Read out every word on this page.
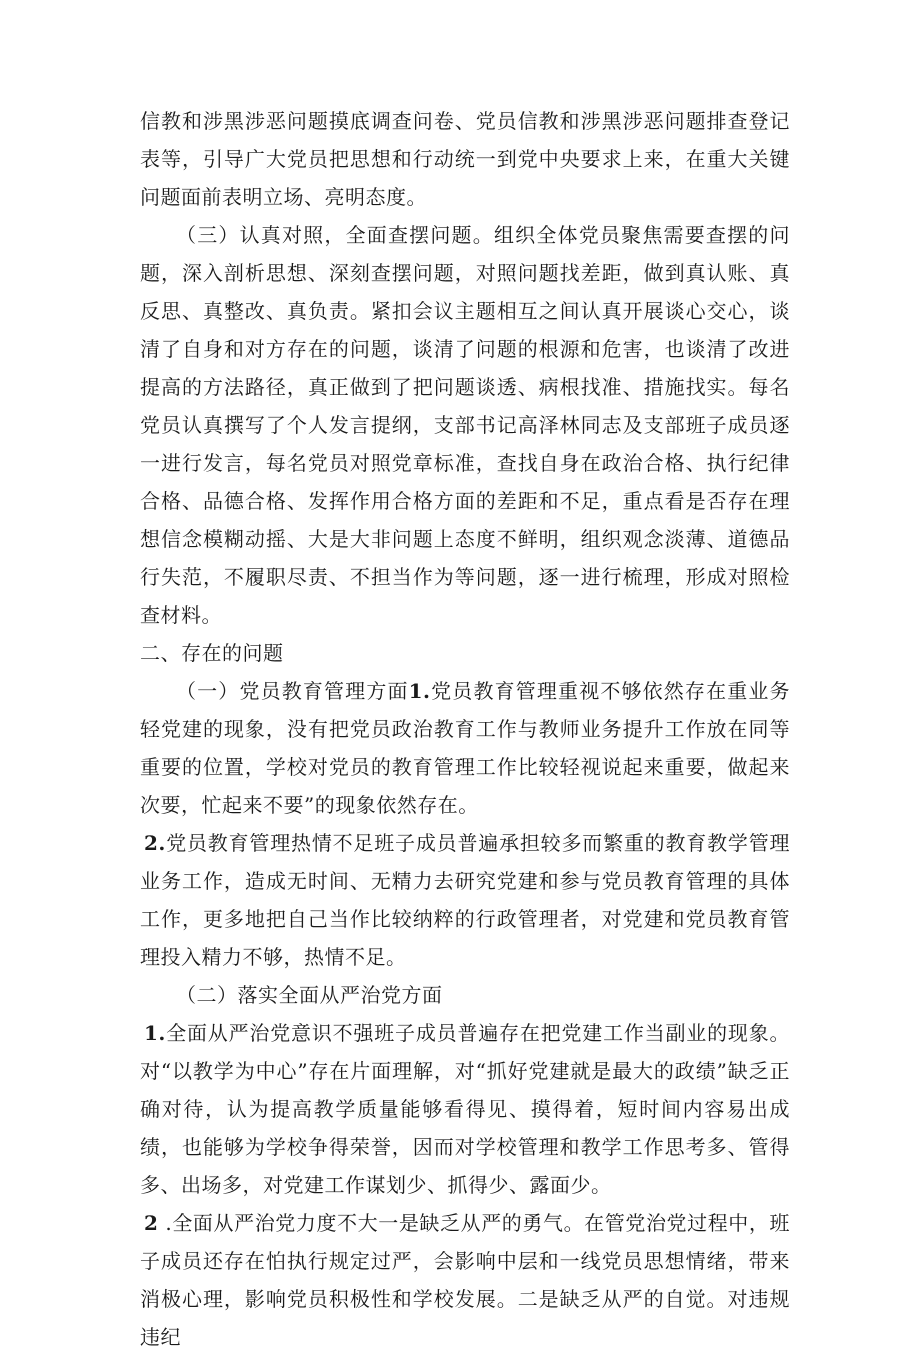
信教和涉黑涉恶问题摸底调查问卷、党员信教和涉黑涉恶问题排查登记表等，引导广大党员把思想和行动统一到党中央要求上来，在重大关键问题面前表明立场、亮明态度。

（三）认真对照，全面查摆问题。组织全体党员聚焦需要查摆的问题，深入剖析思想、深刻查摆问题，对照问题找差距，做到真认账、真反思、真整改、真负责。紧扣会议主题相互之间认真开展谈心交心，谈清了自身和对方存在的问题，谈清了问题的根源和危害，也谈清了改进提高的方法路径，真正做到了把问题谈透、病根找准、措施找实。每名党员认真撰写了个人发言提纲，支部书记高泽林同志及支部班子成员逐一进行发言，每名党员对照党章标准，查找自身在政治合格、执行纪律合格、品德合格、发挥作用合格方面的差距和不足，重点看是否存在理想信念模糊动摇、大是大非问题上态度不鲜明，组织观念淡薄、道德品行失范，不履职尽责、不担当作为等问题，逐一进行梳理，形成对照检查材料。

二、存在的问题

（一）党员教育管理方面1.党员教育管理重视不够依然存在重业务轻党建的现象，没有把党员政治教育工作与教师业务提升工作放在同等重要的位置，学校对党员的教育管理工作比较轻视说起来重要，做起来次要，忙起来不要”的现象依然存在。

2.党员教育管理热情不足班子成员普遍承担较多而繁重的教育教学管理业务工作，造成无时间、无精力去研究党建和参与党员教育管理的具体工作，更多地把自己当作比较纳粹的行政管理者，对党建和党员教育管理投入精力不够，热情不足。

（二）落实全面从严治党方面

1.全面从严治党意识不强班子成员普遍存在把党建工作当副业的现象。对“以教学为中心”存在片面理解，对“抓好党建就是最大的政绩”缺乏正确对待，认为提高教学质量能够看得见、摸得着，短时间内容易出成绩，也能够为学校争得荣誉，因而对学校管理和教学工作思考多、管得多、出场多，对党建工作谋划少、抓得少、露面少。

2 .全面从严治党力度不大一是缺乏从严的勇气。在管党治党过程中，班子成员还存在怕执行规定过严，会影响中层和一线党员思想情绪，带来消极心理，影响党员积极性和学校发展。二是缺乏从严的自觉。对违规违纪
